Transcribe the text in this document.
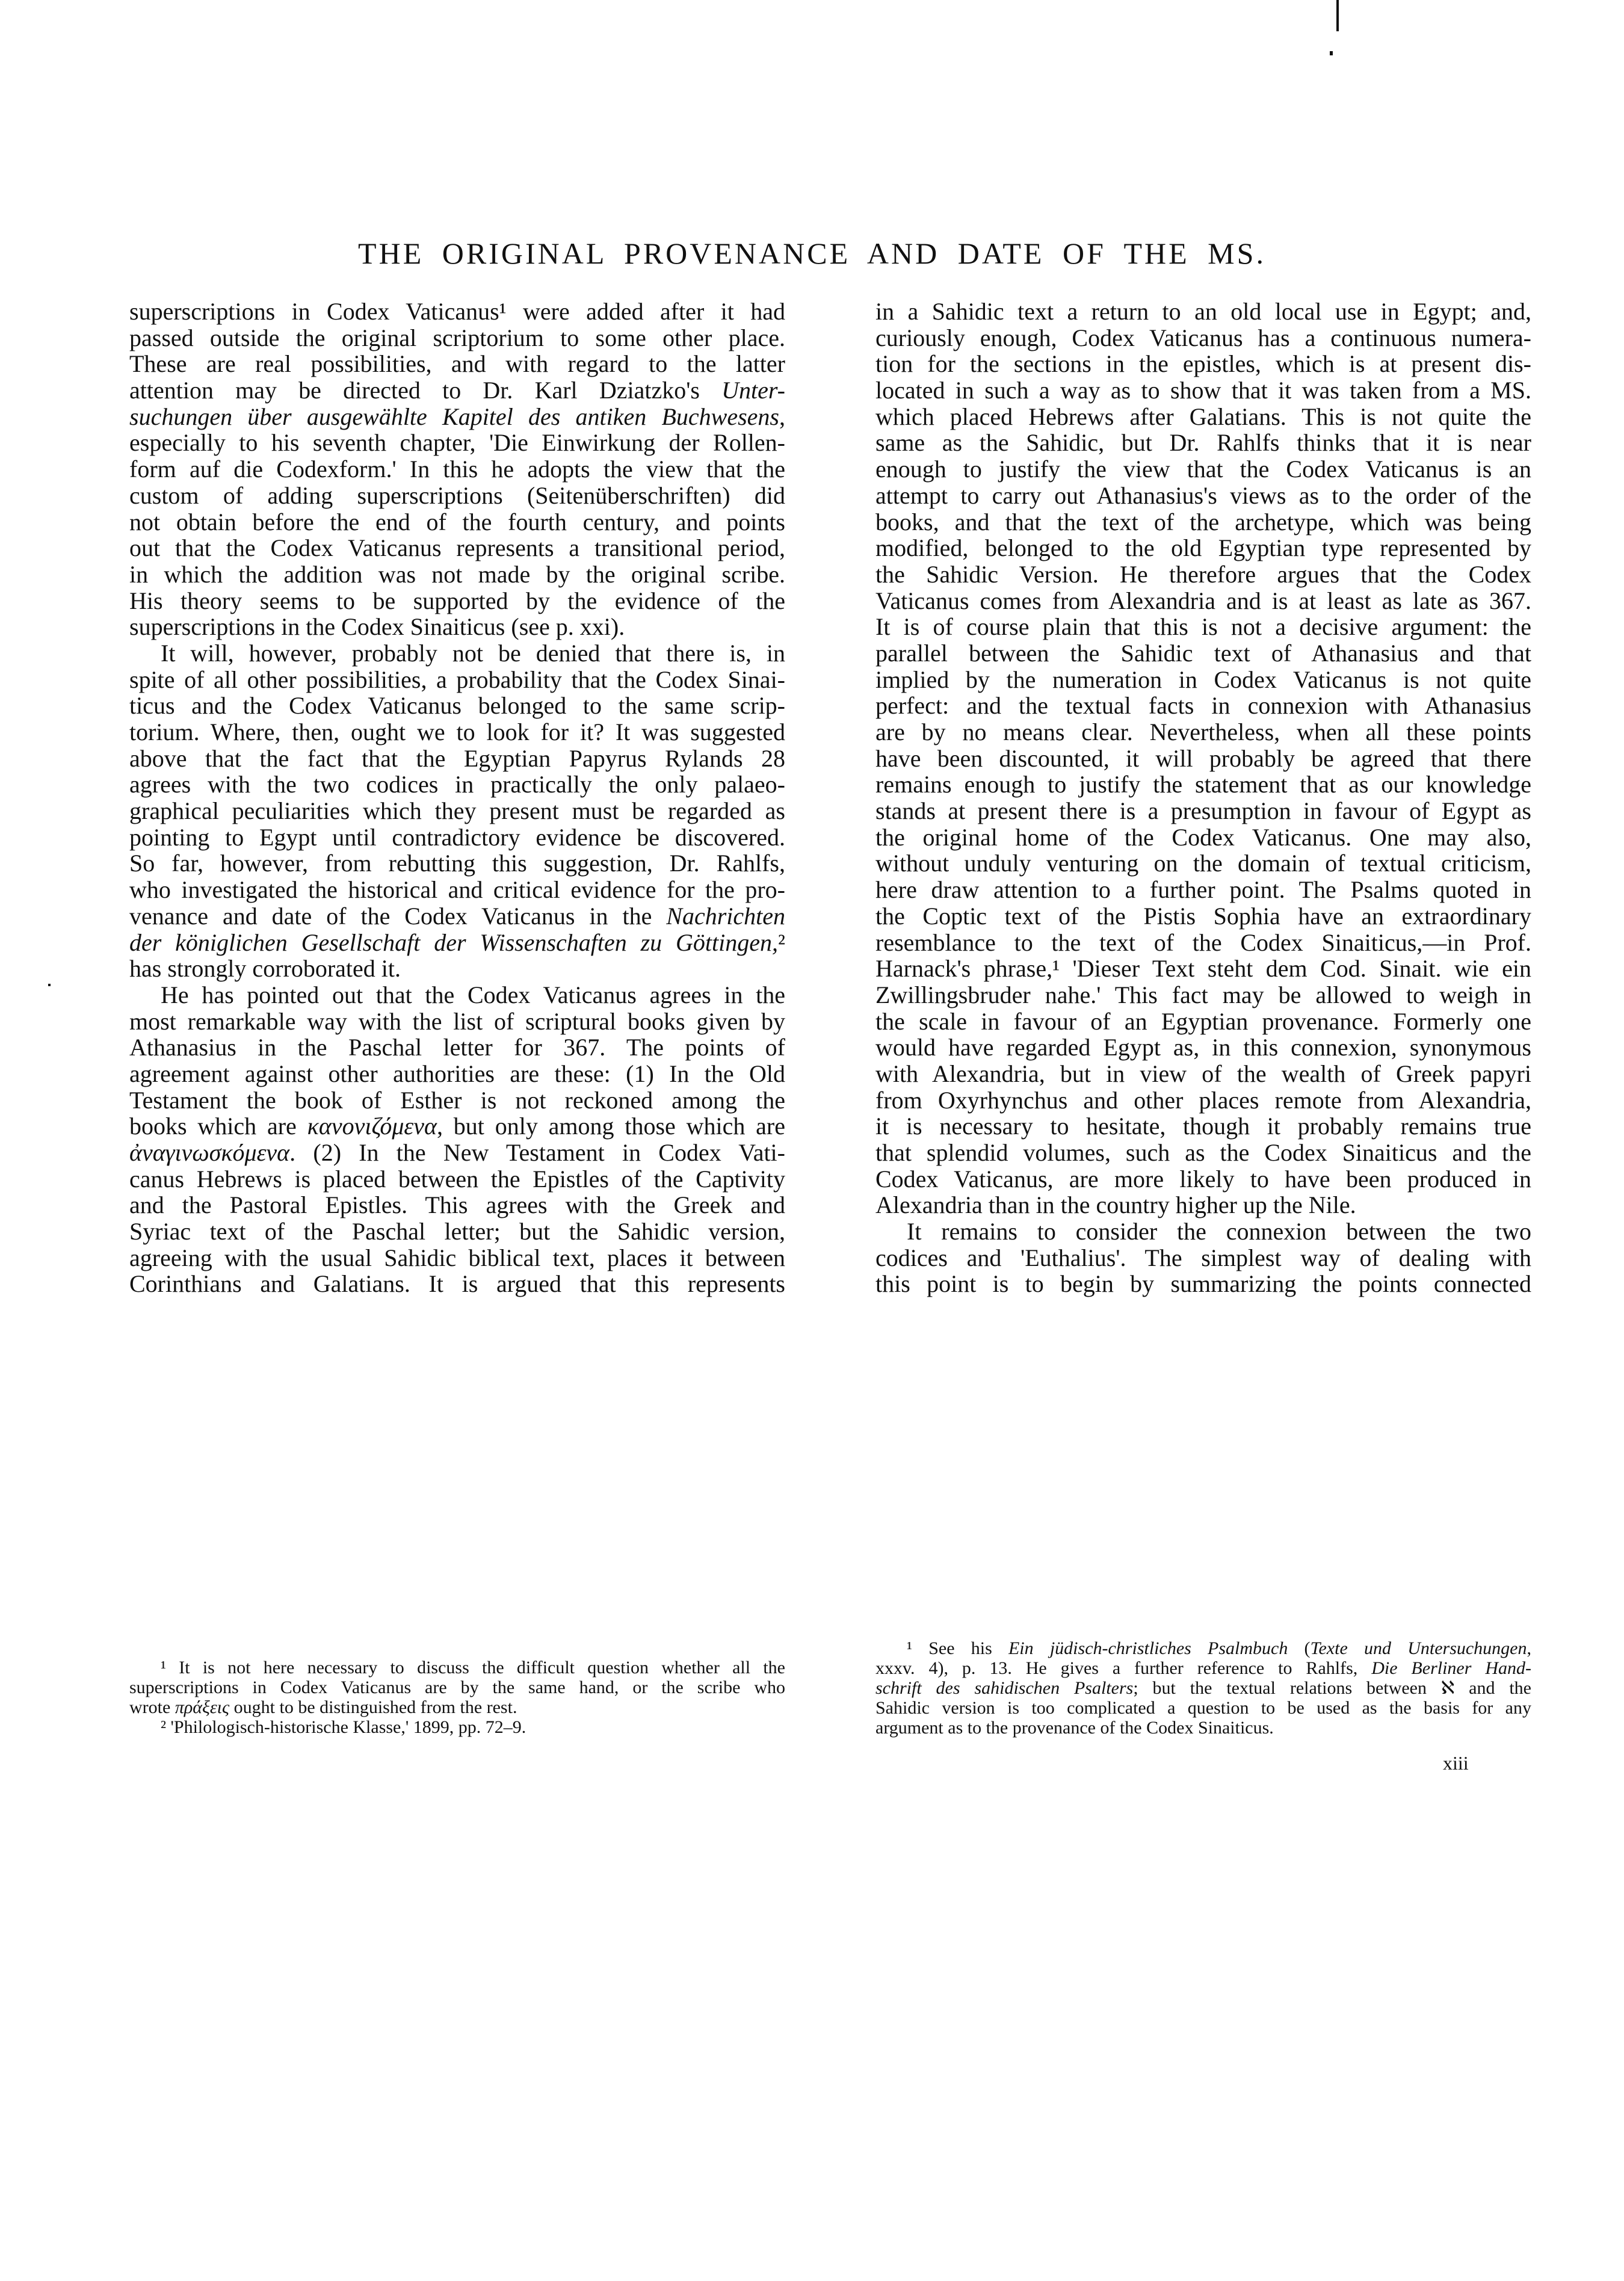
THE ORIGINAL PROVENANCE AND DATE OF THE MS.
superscriptions in Codex Vaticanus¹ were added after it had
passed outside the original scriptorium to some other place.
These are real possibilities, and with regard to the latter
attention may be directed to Dr. Karl Dziatzko's Unter-
suchungen über ausgewählte Kapitel des antiken Buchwesens,
especially to his seventh chapter, 'Die Einwirkung der Rollen-
form auf die Codexform.' In this he adopts the view that the
custom of adding superscriptions (Seitenüberschriften) did
not obtain before the end of the fourth century, and points
out that the Codex Vaticanus represents a transitional period,
in which the addition was not made by the original scribe.
His theory seems to be supported by the evidence of the
superscriptions in the Codex Sinaiticus (see p. xxi).
It will, however, probably not be denied that there is, in
spite of all other possibilities, a probability that the Codex Sinai-
ticus and the Codex Vaticanus belonged to the same scrip-
torium. Where, then, ought we to look for it? It was suggested
above that the fact that the Egyptian Papyrus Rylands 28
agrees with the two codices in practically the only palaeo-
graphical peculiarities which they present must be regarded as
pointing to Egypt until contradictory evidence be discovered.
So far, however, from rebutting this suggestion, Dr. Rahlfs,
who investigated the historical and critical evidence for the pro-
venance and date of the Codex Vaticanus in the Nachrichten
der königlichen Gesellschaft der Wissenschaften zu Göttingen,²
has strongly corroborated it.
He has pointed out that the Codex Vaticanus agrees in the
most remarkable way with the list of scriptural books given by
Athanasius in the Paschal letter for 367. The points of
agreement against other authorities are these: (1) In the Old
Testament the book of Esther is not reckoned among the
books which are κανονιζόμενα, but only among those which are
ἀναγινωσκόμενα. (2) In the New Testament in Codex Vati-
canus Hebrews is placed between the Epistles of the Captivity
and the Pastoral Epistles. This agrees with the Greek and
Syriac text of the Paschal letter; but the Sahidic version,
agreeing with the usual Sahidic biblical text, places it between
Corinthians and Galatians. It is argued that this represents
in a Sahidic text a return to an old local use in Egypt; and,
curiously enough, Codex Vaticanus has a continuous numera-
tion for the sections in the epistles, which is at present dis-
located in such a way as to show that it was taken from a MS.
which placed Hebrews after Galatians. This is not quite the
same as the Sahidic, but Dr. Rahlfs thinks that it is near
enough to justify the view that the Codex Vaticanus is an
attempt to carry out Athanasius's views as to the order of the
books, and that the text of the archetype, which was being
modified, belonged to the old Egyptian type represented by
the Sahidic Version. He therefore argues that the Codex
Vaticanus comes from Alexandria and is at least as late as 367.
It is of course plain that this is not a decisive argument: the
parallel between the Sahidic text of Athanasius and that
implied by the numeration in Codex Vaticanus is not quite
perfect: and the textual facts in connexion with Athanasius
are by no means clear. Nevertheless, when all these points
have been discounted, it will probably be agreed that there
remains enough to justify the statement that as our knowledge
stands at present there is a presumption in favour of Egypt as
the original home of the Codex Vaticanus. One may also,
without unduly venturing on the domain of textual criticism,
here draw attention to a further point. The Psalms quoted in
the Coptic text of the Pistis Sophia have an extraordinary
resemblance to the text of the Codex Sinaiticus,—in Prof.
Harnack's phrase,¹ 'Dieser Text steht dem Cod. Sinait. wie ein
Zwillingsbruder nahe.' This fact may be allowed to weigh in
the scale in favour of an Egyptian provenance. Formerly one
would have regarded Egypt as, in this connexion, synonymous
with Alexandria, but in view of the wealth of Greek papyri
from Oxyrhynchus and other places remote from Alexandria,
it is necessary to hesitate, though it probably remains true
that splendid volumes, such as the Codex Sinaiticus and the
Codex Vaticanus, are more likely to have been produced in
Alexandria than in the country higher up the Nile.
It remains to consider the connexion between the two
codices and 'Euthalius'. The simplest way of dealing with
this point is to begin by summarizing the points connected
¹ It is not here necessary to discuss the difficult question whether all the
superscriptions in Codex Vaticanus are by the same hand, or the scribe who
wrote πράξεις ought to be distinguished from the rest.
² 'Philologisch-historische Klasse,' 1899, pp. 72–9.
¹ See his Ein jüdisch-christliches Psalmbuch (Texte und Untersuchungen,
xxxv. 4), p. 13. He gives a further reference to Rahlfs, Die Berliner Hand-
schrift des sahidischen Psalters; but the textual relations between ℵ and the
Sahidic version is too complicated a question to be used as the basis for any
argument as to the provenance of the Codex Sinaiticus.
xiii
